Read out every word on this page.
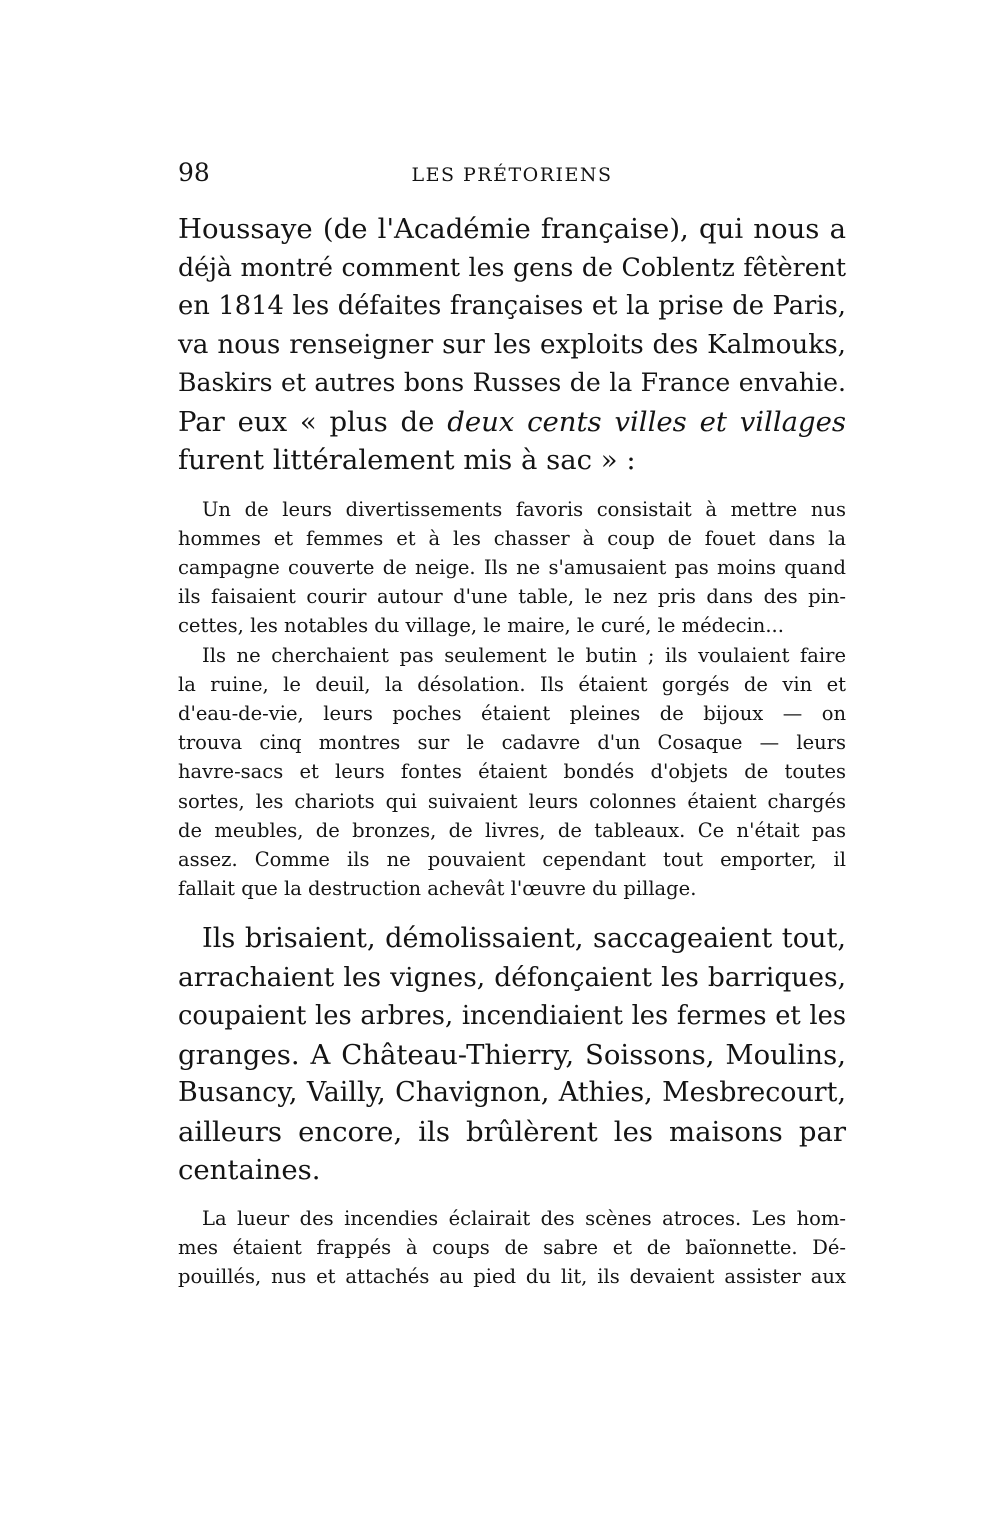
98	LES PRÉTORIENS
Houssaye (de l'Académie française), qui nous a
déjà montré comment les gens de Coblentz fêtèrent
en 1814 les défaites françaises et la prise de Paris,
va nous renseigner sur les exploits des Kalmouks,
Baskirs et autres bons Russes de la France envahie.
Par eux « plus de deux cents villes et villages
furent littéralement mis à sac » :
Un de leurs divertissements favoris consistait à mettre nus
hommes et femmes et à les chasser à coup de fouet dans la
campagne couverte de neige. Ils ne s'amusaient pas moins quand
ils faisaient courir autour d'une table, le nez pris dans des pin-
cettes, les notables du village, le maire, le curé, le médecin...
Ils ne cherchaient pas seulement le butin ; ils voulaient faire
la ruine, le deuil, la désolation. Ils étaient gorgés de vin et
d'eau-de-vie, leurs poches étaient pleines de bijoux — on
trouva cinq montres sur le cadavre d'un Cosaque — leurs
havre-sacs et leurs fontes étaient bondés d'objets de toutes
sortes, les chariots qui suivaient leurs colonnes étaient chargés
de meubles, de bronzes, de livres, de tableaux. Ce n'était pas
assez. Comme ils ne pouvaient cependant tout emporter, il
fallait que la destruction achevât l'œuvre du pillage.
Ils brisaient, démolissaient, saccageaient tout,
arrachaient les vignes, défonçaient les barriques,
coupaient les arbres, incendiaient les fermes et les
granges. A Château-Thierry, Soissons, Moulins,
Busancy, Vailly, Chavignon, Athies, Mesbrecourt,
ailleurs encore, ils brûlèrent les maisons par
centaines.
La lueur des incendies éclairait des scènes atroces. Les hom-
mes étaient frappés à coups de sabre et de baïonnette. Dé-
pouillés, nus et attachés au pied du lit, ils devaient assister aux
